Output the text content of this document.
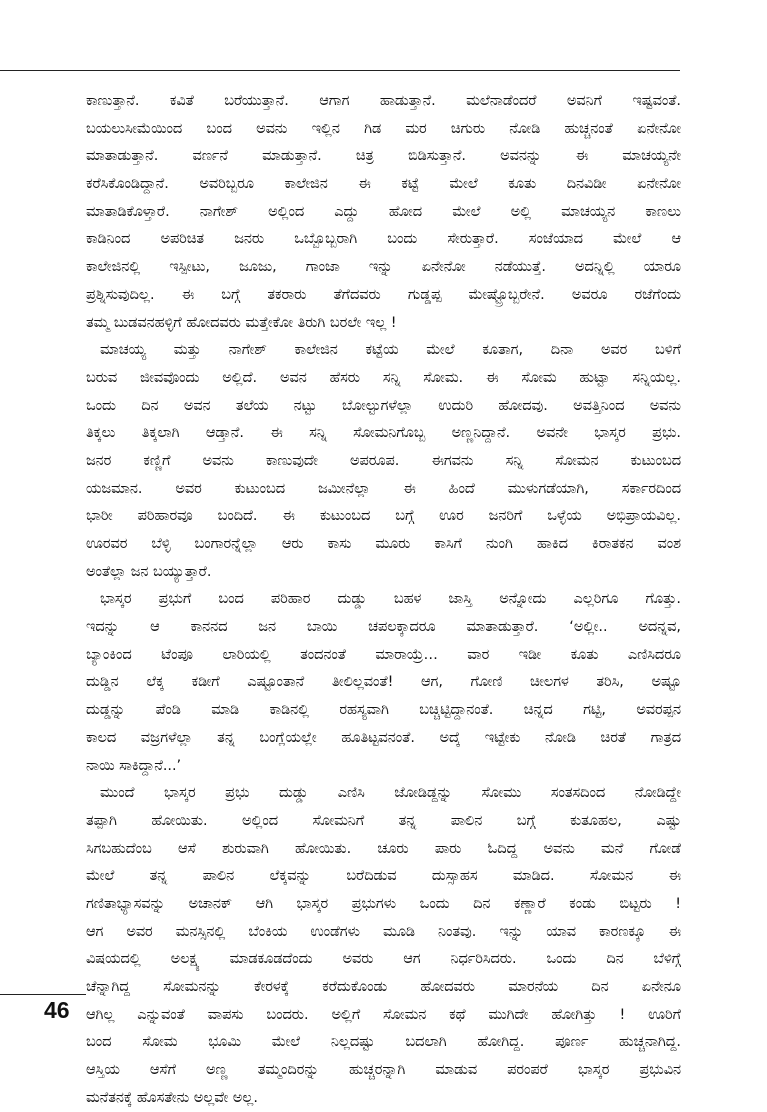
ಕಾಣುತ್ತಾನೆ. ಕವಿತೆ ಬರೆಯುತ್ತಾನೆ. ಆಗಾಗ ಹಾಡುತ್ತಾನೆ. ಮಲೆನಾಡೆಂದರೆ ಅವನಿಗೆ ಇಷ್ಟವಂತೆ.
ಬಯಲುಸೀಮೆಯಿಂದ ಬಂದ ಅವನು ಇಲ್ಲಿನ ಗಿಡ ಮರ ಚಿಗುರು ನೋಡಿ ಹುಚ್ಚನಂತೆ ಏನೇನೋ
ಮಾತಾಡುತ್ತಾನೆ. ವರ್ಣನೆ ಮಾಡುತ್ತಾನೆ. ಚಿತ್ರ ಬಿಡಿಸುತ್ತಾನೆ. ಅವನನ್ನು ಈ ಮಾಚಯ್ಯನೇ
ಕರೆಸಿಕೊಂಡಿದ್ದಾನೆ. ಅವರಿಬ್ಬರೂ ಕಾಲೇಜಿನ ಈ ಕಟ್ಟೆ ಮೇಲೆ ಕೂತು ದಿನವಿಡೀ ಏನೇನೋ
ಮಾತಾಡಿಕೊಳ್ತಾರೆ. ನಾಗೇಶ್ ಅಲ್ಲಿಂದ ಎದ್ದು ಹೋದ ಮೇಲೆ ಅಲ್ಲಿ ಮಾಚಯ್ಯನ ಕಾಣಲು
ಕಾಡಿನಿಂದ ಅಪರಿಚಿತ ಜನರು ಒಬ್ಬೊಬ್ಬರಾಗಿ ಬಂದು ಸೇರುತ್ತಾರೆ. ಸಂಜೆಯಾದ ಮೇಲೆ ಆ
ಕಾಲೇಜಿನಲ್ಲಿ ಇಸ್ಪೀಟು, ಜೂಜು, ಗಾಂಜಾ ಇನ್ನು ಏನೇನೋ ನಡೆಯುತ್ತೆ. ಅದನ್ನಿಲ್ಲಿ ಯಾರೂ
ಪ್ರಶ್ನಿಸುವುದಿಲ್ಲ. ಈ ಬಗ್ಗೆ ತಕರಾರು ತೆಗೆದವರು ಗುಡ್ಡಪ್ಪ ಮೇಷ್ಟ್ರೊಬ್ಬರೇನೆ. ಅವರೂ ರಜೆಗೆಂದು
ತಮ್ಮ ಬುಡವನಹಳ್ಳಿಗೆ ಹೋದವರು ಮತ್ತೇಕೋ ತಿರುಗಿ ಬರಲೇ ಇಲ್ಲ !
ಮಾಚಯ್ಯ ಮತ್ತು ನಾಗೇಶ್ ಕಾಲೇಜಿನ ಕಟ್ಟೆಯ ಮೇಲೆ ಕೂತಾಗ, ದಿನಾ ಅವರ ಬಳಿಗೆ
ಬರುವ ಜೀವವೊಂದು ಅಲ್ಲಿದೆ. ಅವನ ಹೆಸರು ಸನ್ನಿ ಸೋಮ. ಈ ಸೋಮ ಹುಟ್ಟಾ ಸನ್ನಿಯಲ್ಲ.
ಒಂದು ದಿನ ಅವನ ತಲೆಯ ನಟ್ಟು ಬೋಲ್ಟುಗಳೆಲ್ಲಾ ಉದುರಿ ಹೋದವು. ಅವತ್ತಿನಿಂದ ಅವನು
ತಿಕ್ಕಲು ತಿಕ್ಕಲಾಗಿ ಆಡ್ತಾನೆ. ಈ ಸನ್ನಿ ಸೋಮನಿಗೊಬ್ಬ ಅಣ್ಣನಿದ್ದಾನೆ. ಅವನೇ ಭಾಸ್ಕರ ಪ್ರಭು.
ಜನರ ಕಣ್ಣಿಗೆ ಅವನು ಕಾಣುವುದೇ ಅಪರೂಪ. ಈಗವನು ಸನ್ನಿ ಸೋಮನ ಕುಟುಂಬದ
ಯಜಮಾನ. ಅವರ ಕುಟುಂಬದ ಜಮೀನೆಲ್ಲಾ ಈ ಹಿಂದೆ ಮುಳುಗಡೆಯಾಗಿ, ಸರ್ಕಾರದಿಂದ
ಭಾರೀ ಪರಿಹಾರವೂ ಬಂದಿದೆ. ಈ ಕುಟುಂಬದ ಬಗ್ಗೆ ಊರ ಜನರಿಗೆ ಒಳ್ಳೆಯ ಅಭಿಪ್ರಾಯವಿಲ್ಲ.
ಊರವರ ಬೆಳ್ಳಿ ಬಂಗಾರನ್ನೆಲ್ಲಾ ಆರು ಕಾಸು ಮೂರು ಕಾಸಿಗೆ ನುಂಗಿ ಹಾಕಿದ ಕಿರಾತಕನ ವಂಶ
ಅಂತೆಲ್ಲಾ ಜನ ಬಯ್ಯುತ್ತಾರೆ.
ಭಾಸ್ಕರ ಪ್ರಭುಗೆ ಬಂದ ಪರಿಹಾರ ದುಡ್ಡು ಬಹಳ ಜಾಸ್ತಿ ಅನ್ನೋದು ಎಲ್ಲರಿಗೂ ಗೊತ್ತು.
ಇದನ್ನು ಆ ಕಾನನದ ಜನ ಬಾಯಿ ಚಪಲಕ್ಕಾದರೂ ಮಾತಾಡುತ್ತಾರೆ. ‘ಅಲ್ಲೀ.. ಅದನ್ನವ,
ಬ್ಯಾಂಕಿಂದ ಟೆಂಪೂ ಲಾರಿಯಲ್ಲಿ ತಂದನಂತೆ ಮಾರಾಯ್ರೆ… ವಾರ ಇಡೀ ಕೂತು ಎಣಿಸಿದರೂ
ದುಡ್ಡಿನ ಲೆಕ್ಕ ಕಡೀಗೆ ಎಷ್ಟೂಂತಾನೆ ತೀಲಿಲ್ಲವಂತೆ! ಆಗ, ಗೋಣಿ ಚೀಲಗಳ ತರಿಸಿ, ಅಷ್ಟೂ
ದುಡ್ಡನ್ನು ಪೆಂಡಿ ಮಾಡಿ ಕಾಡಿನಲ್ಲಿ ರಹಸ್ಯವಾಗಿ ಬಚ್ಚಿಟ್ಟಿದ್ದಾನಂತೆ. ಚಿನ್ನದ ಗಟ್ಟಿ, ಅವರಪ್ಪನ
ಕಾಲದ ವಜ್ರಗಳೆಲ್ಲಾ ತನ್ನ ಬಂಗ್ಲೆಯಲ್ಲೇ ಹೂತಿಟ್ಟವನಂತೆ. ಅದ್ಕೆ ಇಟ್ಟೇಕು ನೋಡಿ ಚಿರತೆ ಗಾತ್ರದ
ನಾಯಿ ಸಾಕಿದ್ದಾನೆ...’
ಮುಂದೆ ಭಾಸ್ಕರ ಪ್ರಭು ದುಡ್ಡು ಎಣಿಸಿ ಜೋಡಿಡ್ದನ್ನು ಸೋಮು ಸಂತಸದಿಂದ ನೋಡಿದ್ದೇ
ತಪ್ಪಾಗಿ ಹೋಯಿತು. ಅಲ್ಲಿಂದ ಸೋಮನಿಗೆ ತನ್ನ ಪಾಲಿನ ಬಗ್ಗೆ ಕುತೂಹಲ, ಎಷ್ಟು
ಸಿಗಬಹುದೆಂಬ ಆಸೆ ಶುರುವಾಗಿ ಹೋಯಿತು. ಚೂರು ಪಾರು ಓದಿದ್ದ ಅವನು ಮನೆ ಗೋಡೆ
ಮೇಲೆ ತನ್ನ ಪಾಲಿನ ಲೆಕ್ಕವನ್ನು ಬರೆದಿಡುವ ದುಸ್ಸಾಹಸ ಮಾಡಿದ. ಸೋಮನ ಈ
ಗಣಿತಾಭ್ಯಾಸವನ್ನು ಅಚಾನಕ್ ಆಗಿ ಭಾಸ್ಕರ ಪ್ರಭುಗಳು ಒಂದು ದಿನ ಕಣ್ಣಾರೆ ಕಂಡು ಬಿಟ್ಟರು !
ಆಗ ಅವರ ಮನಸ್ಸಿನಲ್ಲಿ ಬೆಂಕಿಯ ಉಂಡೆಗಳು ಮೂಡಿ ನಿಂತವು. ಇನ್ನು ಯಾವ ಕಾರಣಕ್ಕೂ ಈ
ವಿಷಯದಲ್ಲಿ ಅಲಕ್ಷ್ಯ ಮಾಡಕೂಡದೆಂದು ಅವರು ಆಗ ನಿರ್ಧರಿಸಿದರು. ಒಂದು ದಿನ ಬೆಳಿಗ್ಗೆ
ಚೆನ್ನಾಗಿದ್ದ ಸೋಮನನ್ನು ಕೇರಳಕ್ಕೆ ಕರೆದುಕೊಂಡು ಹೋದವರು ಮಾರನೆಯ ದಿನ ಏನೇನೂ
ಆಗಿಲ್ಲ ಎನ್ನುವಂತೆ ವಾಪಸು ಬಂದರು. ಅಲ್ಲಿಗೆ ಸೋಮನ ಕಥೆ ಮುಗಿದೇ ಹೋಗಿತ್ತು ! ಊರಿಗೆ
ಬಂದ ಸೋಮ ಭೂಮಿ ಮೇಲೆ ನಿಲ್ಲದಷ್ಟು ಬದಲಾಗಿ ಹೋಗಿದ್ದ. ಪೂರ್ಣ ಹುಚ್ಚನಾಗಿದ್ದ.
ಆಸ್ತಿಯ ಆಸೆಗೆ ಅಣ್ಣ ತಮ್ಮಂದಿರನ್ನು ಹುಚ್ಚರನ್ನಾಗಿ ಮಾಡುವ ಪರಂಪರೆ ಭಾಸ್ಕರ ಪ್ರಭುವಿನ
ಮನೆತನಕ್ಕೆ ಹೊಸತೇನು ಅಲ್ಲವೇ ಅಲ್ಲ.
46
